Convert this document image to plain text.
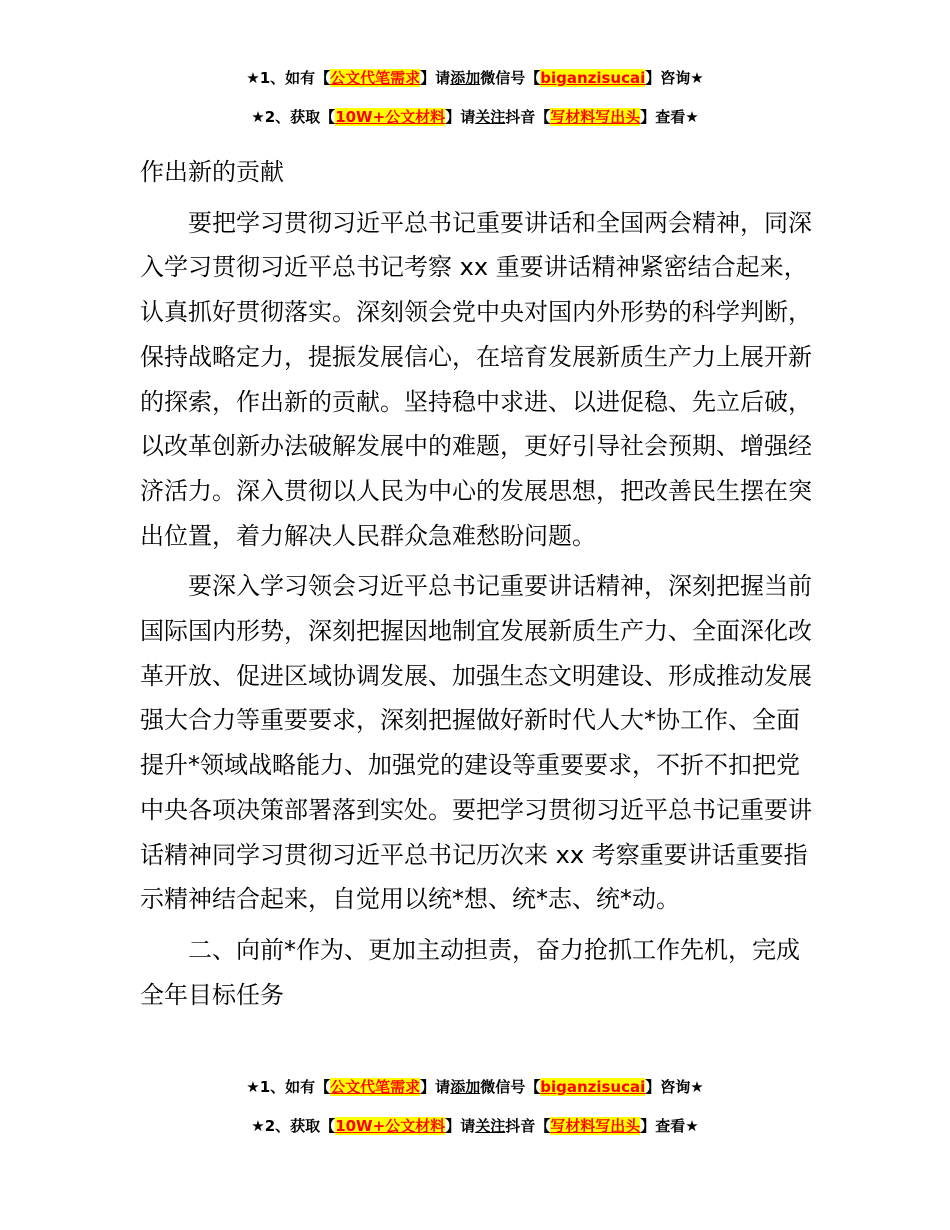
★1、如有【公文代笔需求】请添加微信号【biganzisucai】咨询★
★2、获取【10W+公文材料】请关注抖音【写材料写出头】查看★

作出新的贡献

要把学习贯彻习近平总书记重要讲话和全国两会精神，同深入学习贯彻习近平总书记考察 xx 重要讲话精神紧密结合起来，认真抓好贯彻落实。深刻领会党中央对国内外形势的科学判断，保持战略定力，提振发展信心，在培育发展新质生产力上展开新的探索，作出新的贡献。坚持稳中求进、以进促稳、先立后破，以改革创新办法破解发展中的难题，更好引导社会预期、增强经济活力。深入贯彻以人民为中心的发展思想，把改善民生摆在突出位置，着力解决人民群众急难愁盼问题。

要深入学习领会习近平总书记重要讲话精神，深刻把握当前国际国内形势，深刻把握因地制宜发展新质生产力、全面深化改革开放、促进区域协调发展、加强生态文明建设、形成推动发展强大合力等重要要求，深刻把握做好新时代人大*协工作、全面提升*领域战略能力、加强党的建设等重要要求，不折不扣把党中央各项决策部署落到实处。要把学习贯彻习近平总书记重要讲话精神同学习贯彻习近平总书记历次来 xx 考察重要讲话重要指示精神结合起来，自觉用以统*想、统*志、统*动。

二、向前*作为、更加主动担责，奋力抢抓工作先机，完成全年目标任务

★1、如有【公文代笔需求】请添加微信号【biganzisucai】咨询★
★2、获取【10W+公文材料】请关注抖音【写材料写出头】查看★
